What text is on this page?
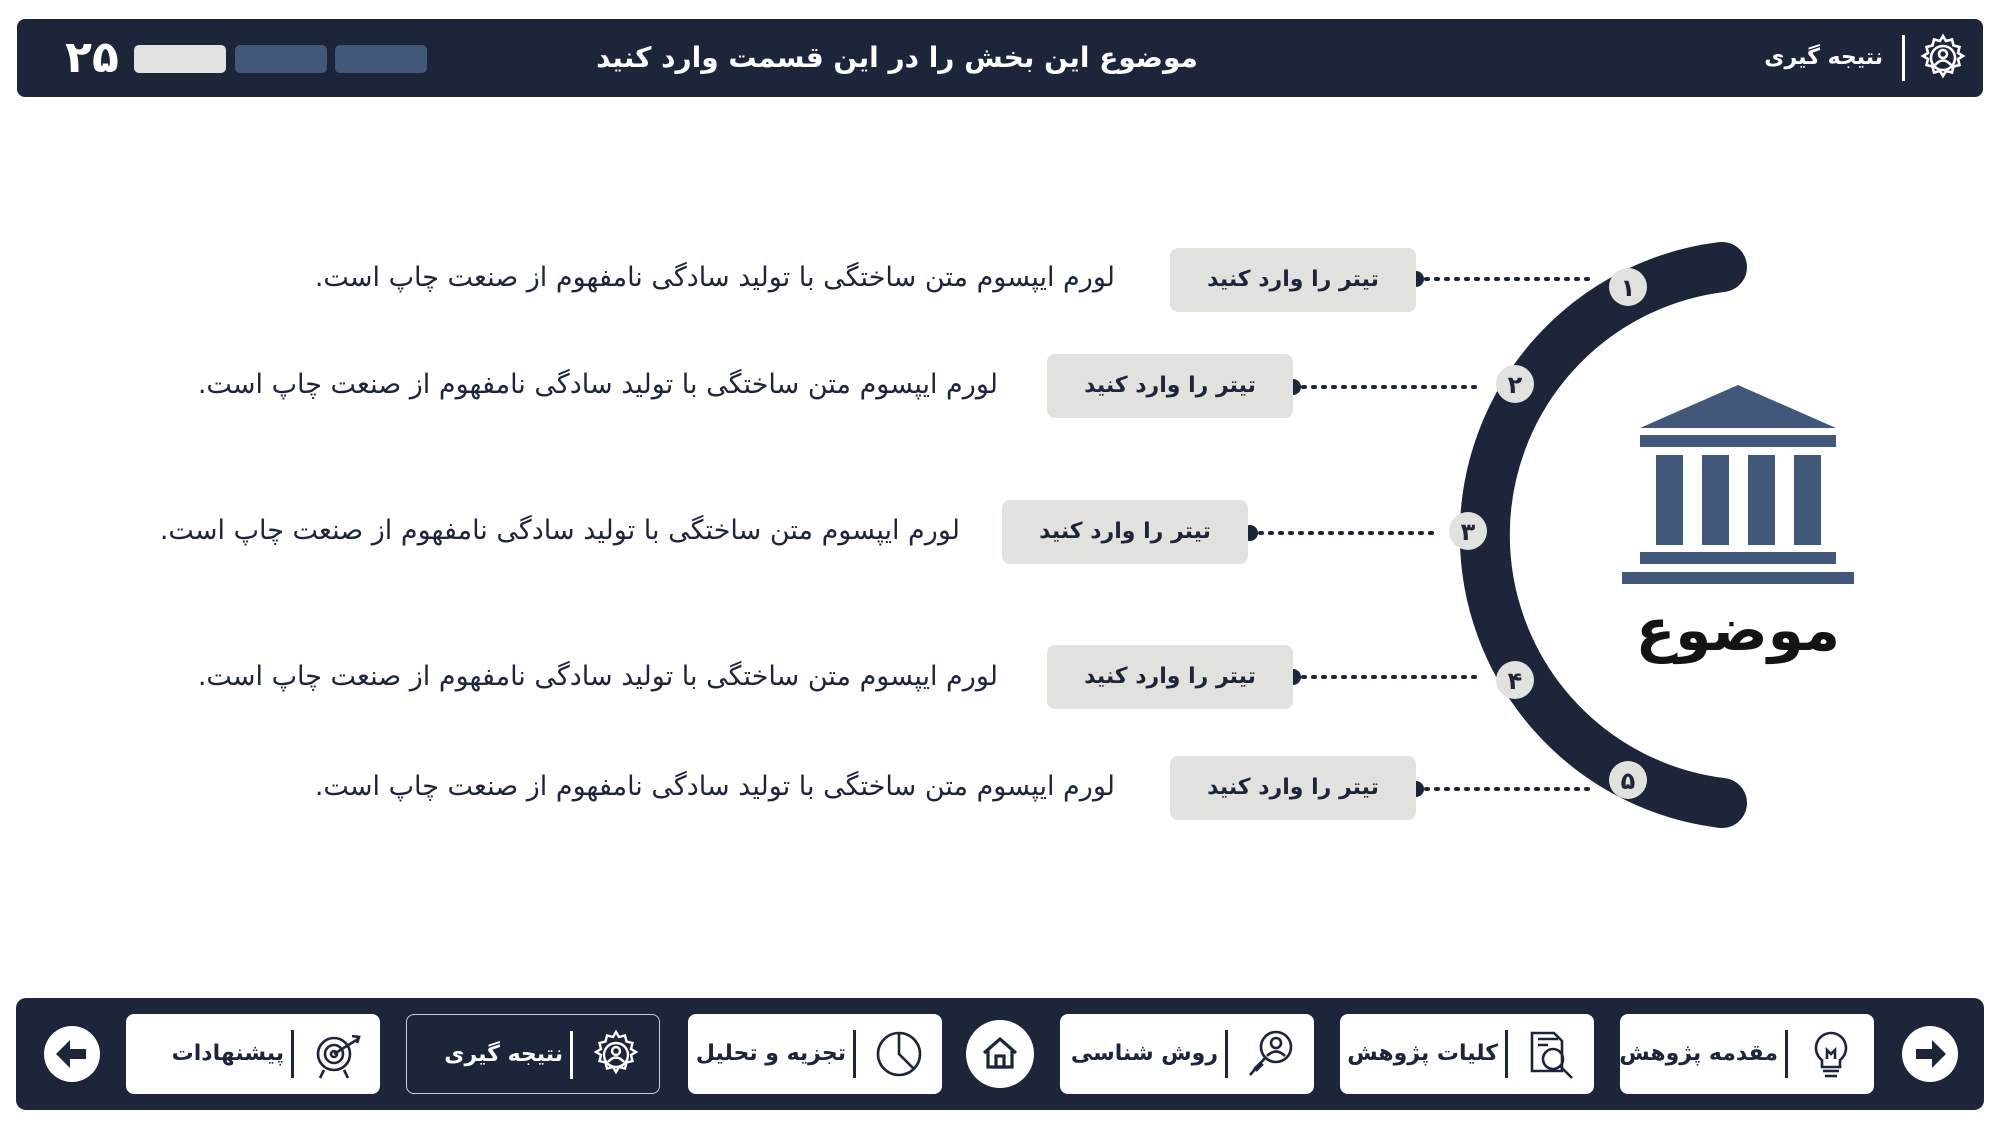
۲۵	موضوع این بخش را در این قسمت وارد کنید	نتیجه گیری
۱
۲
۳
۴
۵
موضوع
تیتر را وارد کنید
تیتر را وارد کنید
تیتر را وارد کنید
تیتر را وارد کنید
تیتر را وارد کنید
لورم ایپسوم متن ساختگی با تولید سادگی نامفهوم از صنعت چاپ است.
لورم ایپسوم متن ساختگی با تولید سادگی نامفهوم از صنعت چاپ است.
لورم ایپسوم متن ساختگی با تولید سادگی نامفهوم از صنعت چاپ است.
لورم ایپسوم متن ساختگی با تولید سادگی نامفهوم از صنعت چاپ است.
لورم ایپسوم متن ساختگی با تولید سادگی نامفهوم از صنعت چاپ است.
مقدمه پژوهش
کلیات پژوهش
روش شناسی
تجزیه و تحلیل
نتیجه گیری
پیشنهادات
